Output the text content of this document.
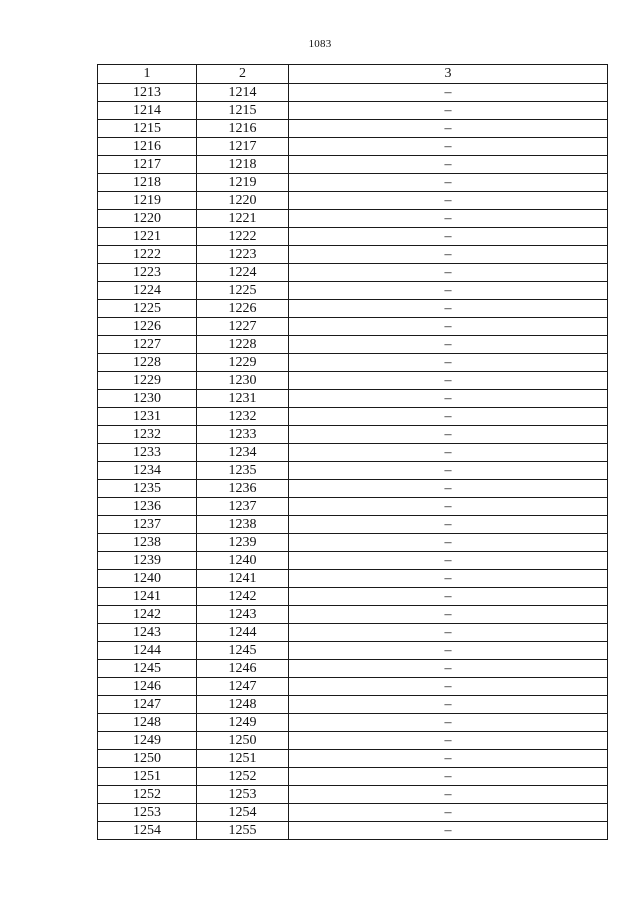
1083
1	2	3
1213	1214	–
1214	1215	–
1215	1216	–
1216	1217	–
1217	1218	–
1218	1219	–
1219	1220	–
1220	1221	–
1221	1222	–
1222	1223	–
1223	1224	–
1224	1225	–
1225	1226	–
1226	1227	–
1227	1228	–
1228	1229	–
1229	1230	–
1230	1231	–
1231	1232	–
1232	1233	–
1233	1234	–
1234	1235	–
1235	1236	–
1236	1237	–
1237	1238	–
1238	1239	–
1239	1240	–
1240	1241	–
1241	1242	–
1242	1243	–
1243	1244	–
1244	1245	–
1245	1246	–
1246	1247	–
1247	1248	–
1248	1249	–
1249	1250	–
1250	1251	–
1251	1252	–
1252	1253	–
1253	1254	–
1254	1255	–
